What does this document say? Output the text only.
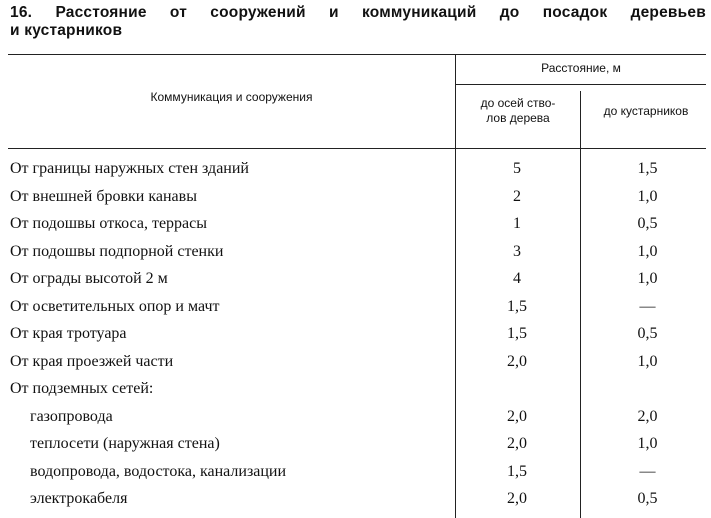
16. Расстояние от сооружений и коммуникаций до посадок деревьев
и кустарников
Коммуникация и сооружения
Расстояние, м
до осей ство-
лов дерева	до кустарников
От границы наружных стен зданий	5	1,5
От внешней бровки канавы	2	1,0
От подошвы откоса, террасы	1	0,5
От подошвы подпорной стенки	3	1,0
От ограды высотой 2 м	4	1,0
От осветительных опор и мачт	1,5	—
От края тротуара	1,5	0,5
От края проезжей части	2,0	1,0
От подземных сетей:
газопровода	2,0	2,0
теплосети (наружная стена)	2,0	1,0
водопровода, водостока, канализации	1,5	—
электрокабеля	2,0	0,5
